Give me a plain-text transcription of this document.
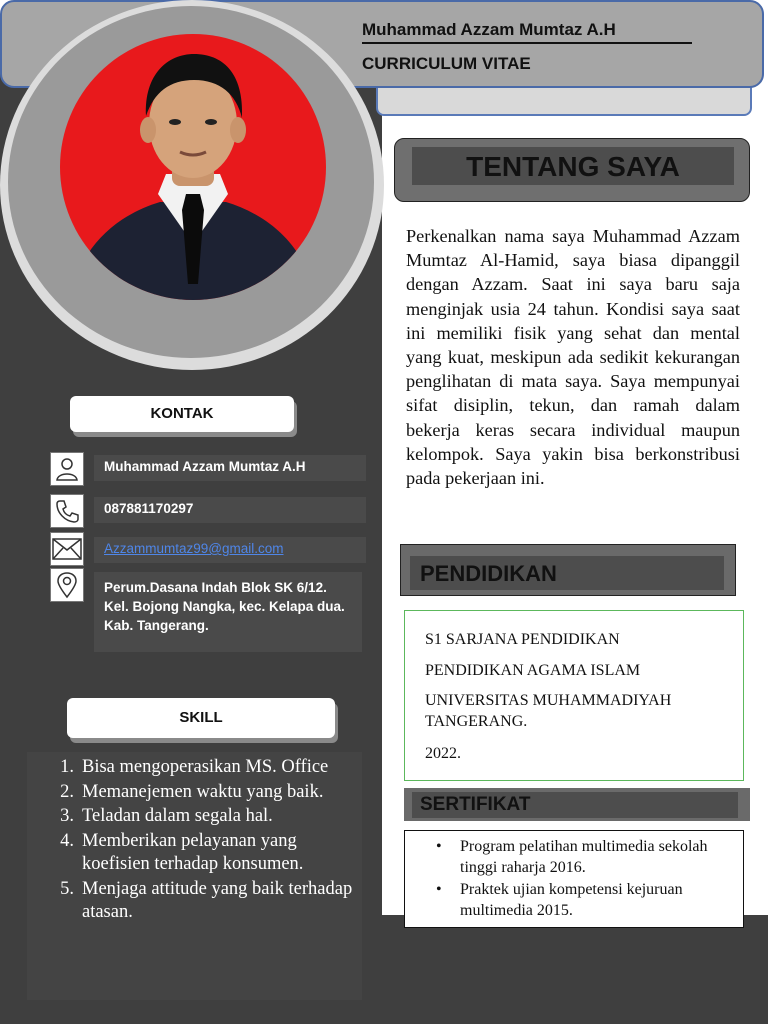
Muhammad Azzam Mumtaz A.H
CURRICULUM VITAE
KONTAK
Muhammad Azzam Mumtaz A.H
087881170297
Azzammumtaz99@gmail.com
Perum.Dasana Indah Blok SK 6/12. Kel. Bojong Nangka, kec. Kelapa dua. Kab. Tangerang.
SKILL
1. Bisa mengoperasikan MS. Office
2. Memanejemen waktu yang baik.
3. Teladan dalam segala hal.
4. Memberikan pelayanan yang koefisien terhadap konsumen.
5. Menjaga attitude yang baik terhadap atasan.
TENTANG SAYA
Perkenalkan nama saya Muhammad Azzam Mumtaz Al-Hamid, saya biasa dipanggil dengan Azzam. Saat ini saya baru saja menginjak usia 24 tahun. Kondisi saya saat ini memiliki fisik yang sehat dan mental yang kuat, meskipun ada sedikit kekurangan penglihatan di mata saya. Saya mempunyai sifat disiplin, tekun, dan ramah dalam bekerja keras secara individual maupun kelompok. Saya yakin bisa berkonstribusi pada pekerjaan ini.
PENDIDIKAN
S1 SARJANA PENDIDIKAN
PENDIDIKAN AGAMA ISLAM
UNIVERSITAS MUHAMMADIYAH TANGERANG.
2022.
SERTIFIKAT
• Program pelatihan multimedia sekolah tinggi raharja 2016.
• Praktek ujian kompetensi kejuruan multimedia 2015.
